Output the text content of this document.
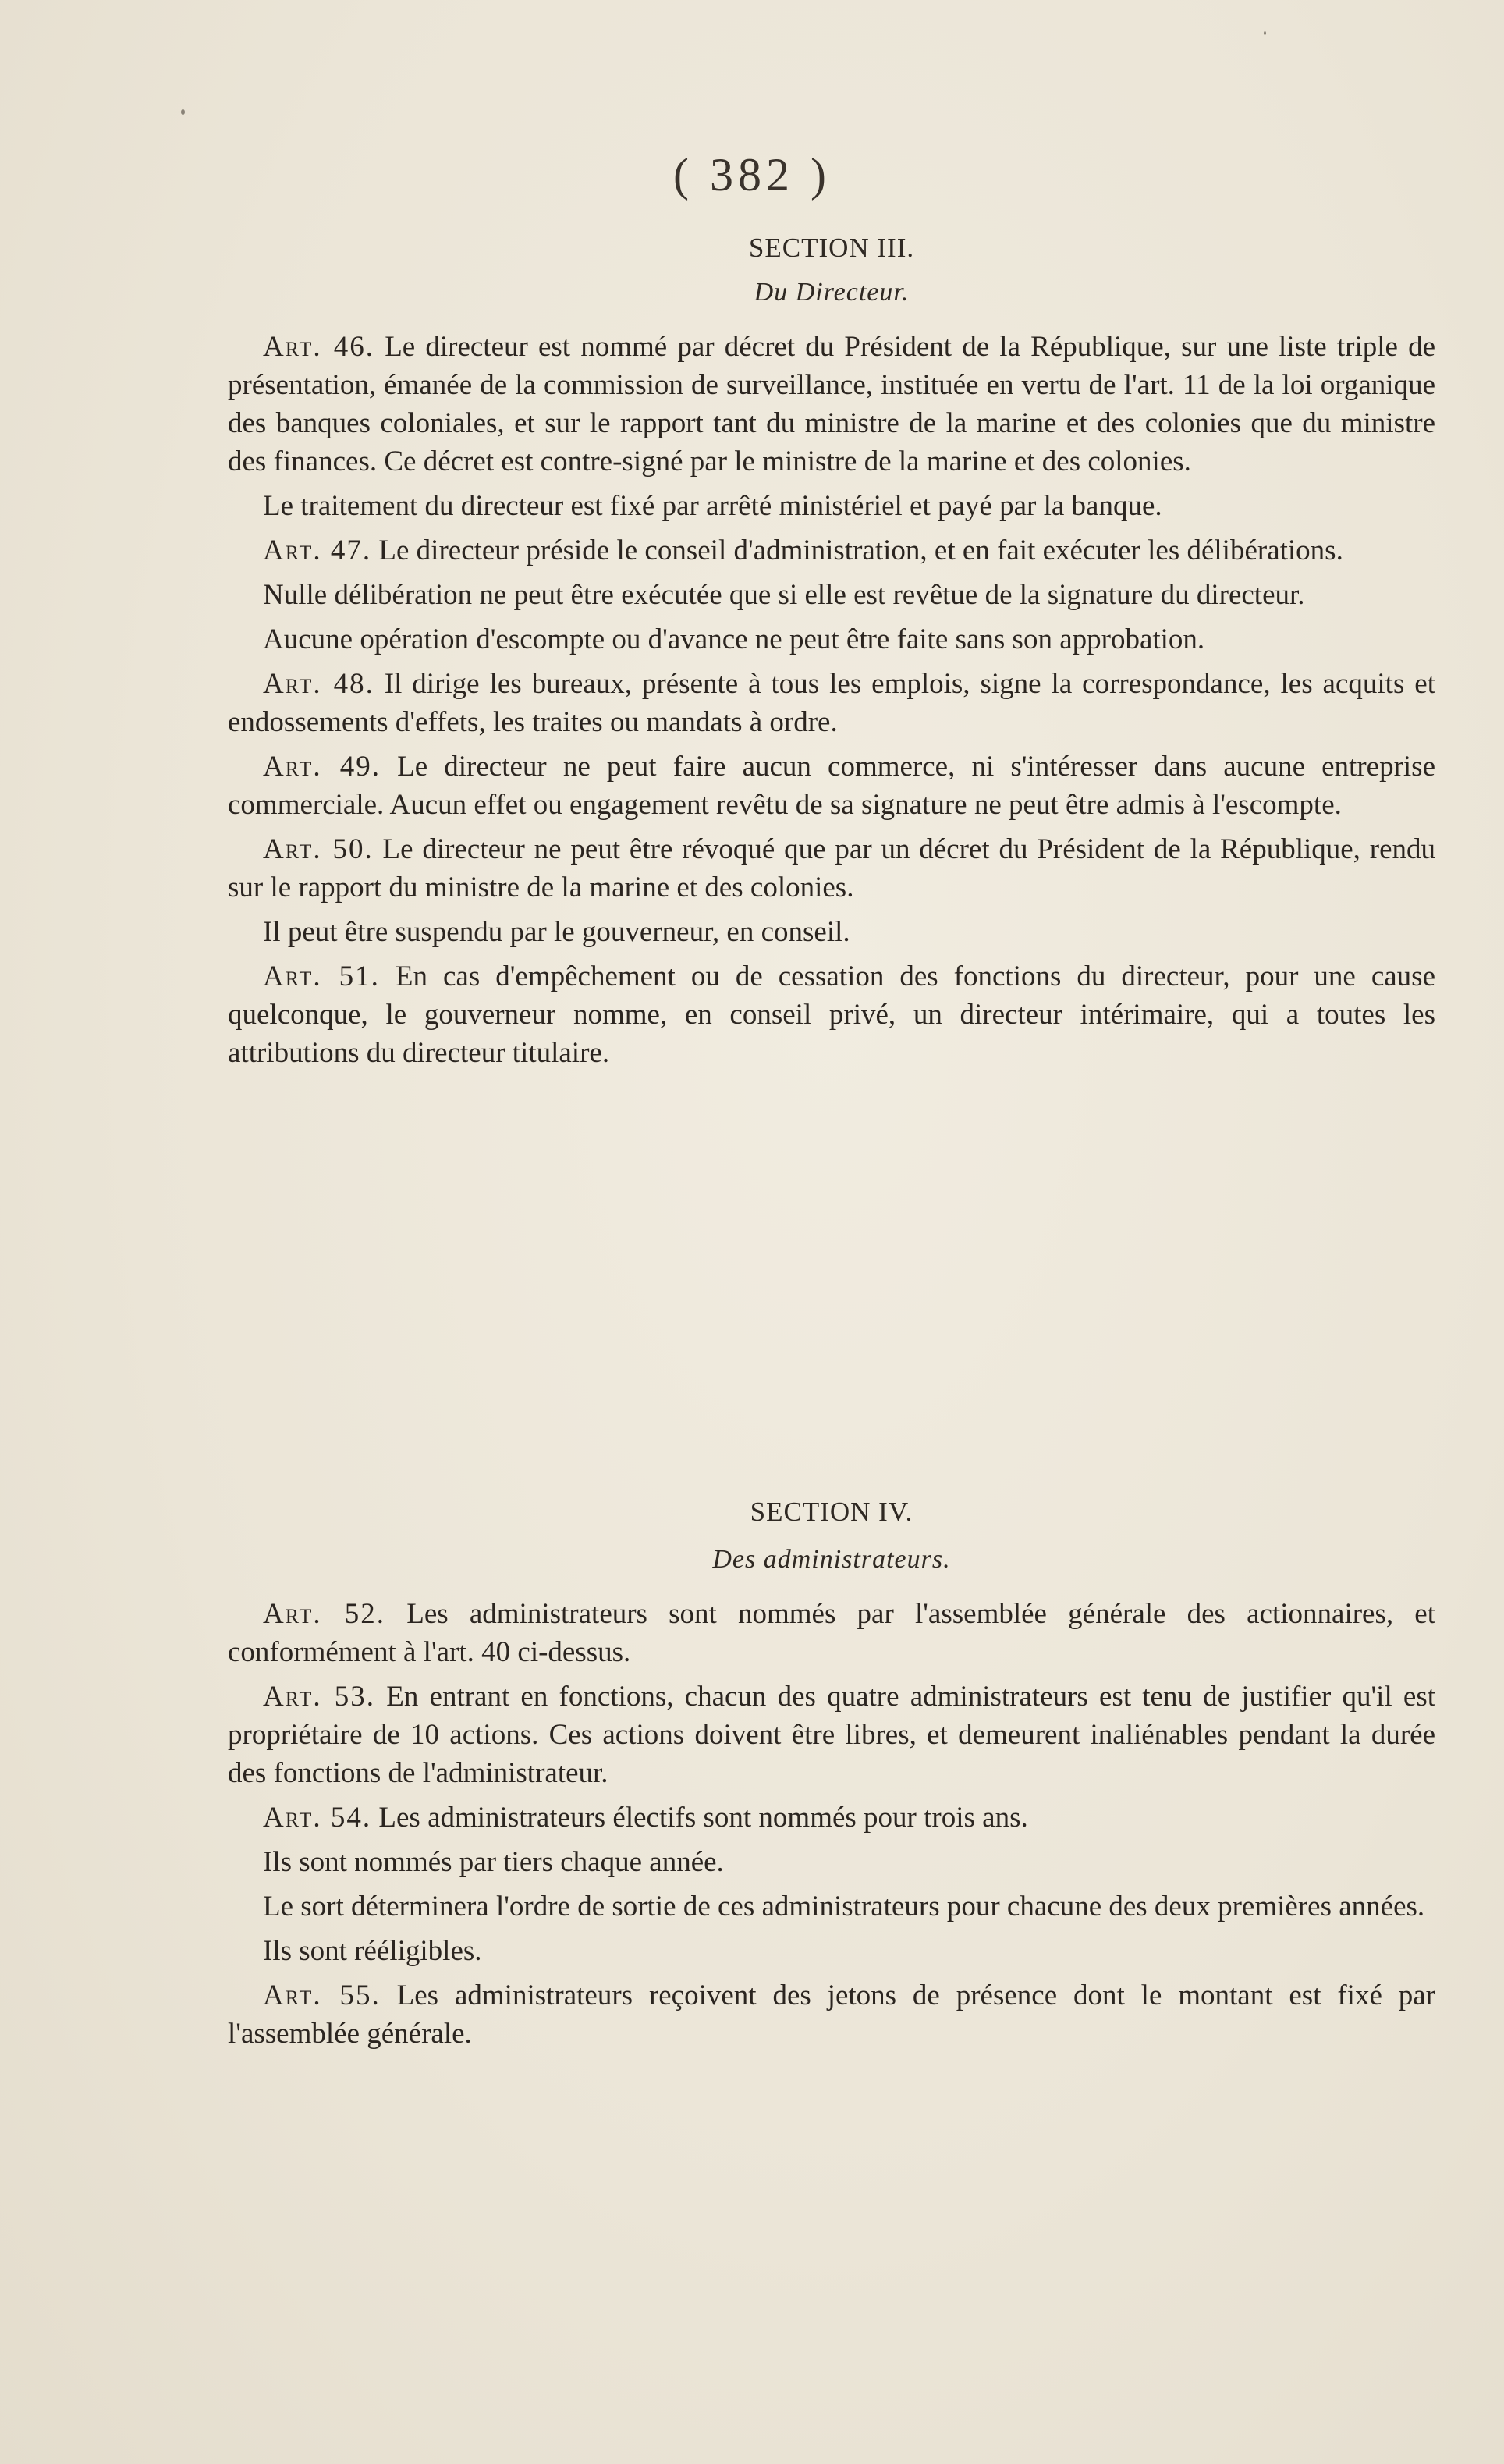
( 382 )
SECTION III.
Du Directeur.

Art. 46. Le directeur est nommé par décret du Président de la République, sur une liste triple de présentation, émanée de la commission de surveillance, instituée en vertu de l'art. 11 de la loi organique des banques coloniales, et sur le rapport tant du ministre de la marine et des colonies que du ministre des finances. Ce décret est contre-signé par le ministre de la marine et des colonies.

Le traitement du directeur est fixé par arrêté ministériel et payé par la banque.

Art. 47. Le directeur préside le conseil d'administration, et en fait exécuter les délibérations.

Nulle délibération ne peut être exécutée que si elle est revêtue de la signature du directeur.

Aucune opération d'escompte ou d'avance ne peut être faite sans son approbation.

Art. 48. Il dirige les bureaux, présente à tous les emplois, signe la correspondance, les acquits et endossements d'effets, les traites ou mandats à ordre.

Art. 49. Le directeur ne peut faire aucun commerce, ni s'intéresser dans aucune entreprise commerciale. Aucun effet ou engagement revêtu de sa signature ne peut être admis à l'escompte.

Art. 50. Le directeur ne peut être révoqué que par un décret du Président de la République, rendu sur le rapport du ministre de la marine et des colonies.

Il peut être suspendu par le gouverneur, en conseil.

Art. 51. En cas d'empêchement ou de cessation des fonctions du directeur, pour une cause quelconque, le gouverneur nomme, en conseil privé, un directeur intérimaire, qui a toutes les attributions du directeur titulaire.

SECTION IV.
Des administrateurs.

Art. 52. Les administrateurs sont nommés par l'assemblée générale des actionnaires, et conformément à l'art. 40 ci-dessus.

Art. 53. En entrant en fonctions, chacun des quatre administrateurs est tenu de justifier qu'il est propriétaire de 10 actions. Ces actions doivent être libres, et demeurent inaliénables pendant la durée des fonctions de l'administrateur.

Art. 54. Les administrateurs électifs sont nommés pour trois ans.

Ils sont nommés par tiers chaque année.

Le sort déterminera l'ordre de sortie de ces administrateurs pour chacune des deux premières années.

Ils sont rééligibles.

Art. 55. Les administrateurs reçoivent des jetons de présence dont le montant est fixé par l'assemblée générale.
